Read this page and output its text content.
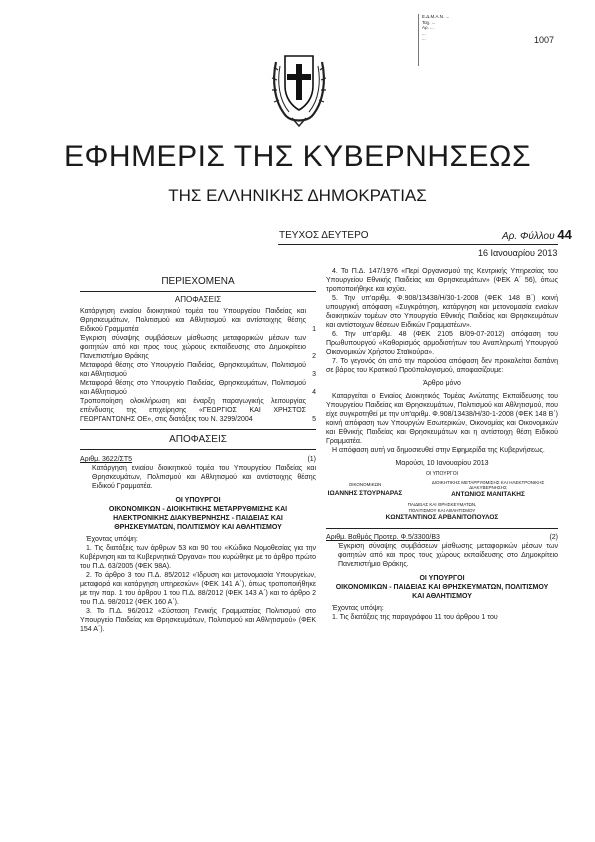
1007
Ε.Δ.Μ.Α.Ν. ...
Ταχ. ...
Αρ. ...
...
...
ΕΦΗΜΕΡΙΣ ΤΗΣ ΚΥΒΕΡΝΗΣΕΩΣ
ΤΗΣ ΕΛΛΗΝΙΚΗΣ ΔΗΜΟΚΡΑΤΙΑΣ
ΤΕΥΧΟΣ ΔΕΥΤΕΡΟ	Αρ. Φύλλου 44
16 Ιανουαρίου 2013
ΠΕΡΙΕΧΟΜΕΝΑ
ΑΠΟΦΑΣΕΙΣ
Κατάργηση ενιαίου διοικητικού τομέα του Υπουργείου Παιδείας και Θρησκευμάτων, Πολιτισμού και Αθλητισμού και αντίστοιχης θέσης Ειδικού Γραμματέα	1
Έγκριση σύναψης συμβάσεων μίσθωσης μεταφορικών μέσων των φοιτητών από και προς τους χώρους εκπαίδευσης στο Δημοκρίτειο Πανεπιστήμιο Θράκης	2
Μεταφορά θέσης στο Υπουργείο Παιδείας, Θρησκευμάτων, Πολιτισμού και Αθλητισμού	3
Μεταφορά θέσης στο Υπουργείο Παιδείας, Θρησκευμάτων, Πολιτισμού και Αθλητισμού	4
Τροποποίηση ολοκλήρωση και έναρξη παραγωγικής λειτουργίας επένδυσης της επιχείρησης «ΓΕΩΡΓΙΟΣ ΚΑΙ ΧΡΗΣΤΟΣ ΓΕΩΡΓΑΝΤΩΝΗΣ ΟΕ», στις διατάξεις του Ν. 3299/2004	5
ΑΠΟΦΑΣΕΙΣ
Αριθμ. 3622/ΣΤ5	(1)
Κατάργηση ενιαίου διοικητικού τομέα του Υπουργείου Παιδείας και Θρησκευμάτων, Πολιτισμού και Αθλητισμού και αντίστοιχης θέσης Ειδικού Γραμματέα.
ΟΙ ΥΠΟΥΡΓΟΙ
ΟΙΚΟΝΟΜΙΚΩΝ - ΔΙΟΙΚΗΤΙΚΗΣ ΜΕΤΑΡΡΥΘΜΙΣΗΣ ΚΑΙ ΗΛΕΚΤΡΟΝΙΚΗΣ ΔΙΑΚΥΒΕΡΝΗΣΗΣ - ΠΑΙΔΕΙΑΣ ΚΑΙ ΘΡΗΣΚΕΥΜΑΤΩΝ, ΠΟΛΙΤΙΣΜΟΥ ΚΑΙ ΑΘΛΗΤΙΣΜΟΥ
Έχοντας υπόψη:
1. Τις διατάξεις των άρθρων 53 και 90 του «Κώδικα Νομοθεσίας για την Κυβέρνηση και τα Κυβερνητικά Όργανα» που κυρώθηκε με το άρθρο πρώτο του Π.Δ. 63/2005 (ΦΕΚ 98Α).
2. Το άρθρο 3 του Π.Δ. 85/2012 «Ίδρυση και μετονομασία Υπουργείων, μεταφορά και κατάργηση υπηρεσιών» (ΦΕΚ 141 Α΄), όπως τροποποιήθηκε με την παρ. 1 του άρθρου 1 του Π.Δ. 88/2012 (ΦΕΚ 143 Α΄) και το άρθρο 2 του Π.Δ. 98/2012 (ΦΕΚ 160 Α΄).
3. Το Π.Δ. 96/2012 «Σύσταση Γενικής Γραμματείας Πολιτισμού στο Υπουργείο Παιδείας και Θρησκευμάτων, Πολιτισμού και Αθλητισμού» (ΦΕΚ 154 Α΄).
4. Το Π.Δ. 147/1976 «Περί Οργανισμού της Κεντρικής Υπηρεσίας του Υπουργείου Εθνικής Παιδείας και Θρησκευμάτων» (ΦΕΚ Α΄ 56), όπως τροποποιήθηκε και ισχύει.
5. Την υπ'αριθμ. Φ.908/13438/Η/30-1-2008 (ΦΕΚ 148 Β΄) κοινή υπουργική απόφαση «Συγκρότηση, κατάργηση και μετονομασία ενιαίων διοικητικών τομέων στο Υπουργείο Εθνικής Παιδείας και Θρησκευμάτων και αντίστοιχων θέσεων Ειδικών Γραμματέων».
6. Την υπ'αριθμ. 48 (ΦΕΚ 2105 Β/09-07-2012) απόφαση του Πρωθυπουργού «Καθορισμός αρμοδιοτήτων του Αναπληρωτή Υπουργού Οικονομικών Χρήστου Σταϊκούρα».
7. Το γεγονός ότι από την παρούσα απόφαση δεν προκαλείται δαπάνη σε βάρος του Κρατικού Προϋπολογισμού, αποφασίζουμε:
Άρθρο μόνο
Καταργείται ο Ενιαίος Διοικητικός Τομέας Ανώτατης Εκπαίδευσης του Υπουργείου Παιδείας και Θρησκευμάτων, Πολιτισμού και Αθλητισμού, που είχε συγκροτηθεί με την υπ'αριθμ. Φ.908/13438/Η/30-1-2008 (ΦΕΚ 148 Β΄) κοινή απόφαση των Υπουργών Εσωτερικών, Οικονομίας και Οικονομικών και Εθνικής Παιδείας και Θρησκευμάτων και η αντίστοιχη θέση Ειδικού Γραμματέα.
Η απόφαση αυτή να δημοσιευθεί στην Εφημερίδα της Κυβερνήσεως.
Μαρούσι, 10 Ιανουαρίου 2013
ΟΙ ΥΠΟΥΡΓΟΙ
ΟΙΚΟΝΟΜΙΚΩΝ
ΙΩΑΝΝΗΣ ΣΤΟΥΡΝΑΡΑΣ
ΔΙΟΙΚΗΤΙΚΗΣ ΜΕΤΑΡΡΥΘΜΙΣΗΣ ΚΑΙ ΗΛΕΚΤΡΟΝΙΚΗΣ ΔΙΑΚΥΒΕΡΝΗΣΗΣ
ΑΝΤΩΝΙΟΣ ΜΑΝΙΤΑΚΗΣ
ΠΑΙΔΕΙΑΣ ΚΑΙ ΘΡΗΣΚΕΥΜΑΤΩΝ,
ΠΟΛΙΤΙΣΜΟΥ ΚΑΙ ΑΘΛΗΤΙΣΜΟΥ
ΚΩΝΣΤΑΝΤΙΝΟΣ ΑΡΒΑΝΙΤΟΠΟΥΛΟΣ
Αριθμ. Βαθμός Προτερ. Φ.5/3300/Β3	(2)
Έγκριση σύναψης συμβάσεων μίσθωσης μεταφορικών μέσων των φοιτητών από και προς τους χώρους εκπαίδευσης στο Δημοκρίτειο Πανεπιστήμιο Θράκης.
ΟΙ ΥΠΟΥΡΓΟΙ
ΟΙΚΟΝΟΜΙΚΩΝ - ΠΑΙΔΕΙΑΣ ΚΑΙ ΘΡΗΣΚΕΥΜΑΤΩΝ, ΠΟΛΙΤΙΣΜΟΥ ΚΑΙ ΑΘΛΗΤΙΣΜΟΥ
Έχοντας υπόψη:
1. Τις διατάξεις της παραγράφου 11 του άρθρου 1 του
